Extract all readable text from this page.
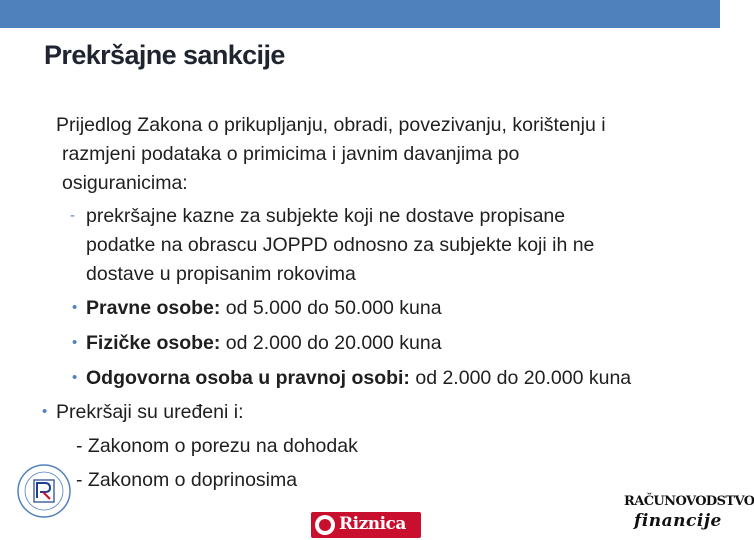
Prekršajne sankcije
Prijedlog Zakona o prikupljanju, obradi, povezivanju, korištenju i
razmjeni podataka o primicima i javnim davanjima po
osiguranicima:
- prekršajne kazne za subjekte koji ne dostave propisane
podatke na obrascu JOPPD odnosno za subjekte koji ih ne
dostave u propisanim rokovima
• Pravne osobe: od 5.000 do 50.000 kuna
• Fizičke osobe: od 2.000 do 20.000 kuna
• Odgovorna osoba u pravnoj osobi: od 2.000 do 20.000 kuna
• Prekršaji su uređeni i:
- Zakonom o porezu na dohodak
- Zakonom o doprinosima
Riznica
RAČUNOVODSTVO
financije
